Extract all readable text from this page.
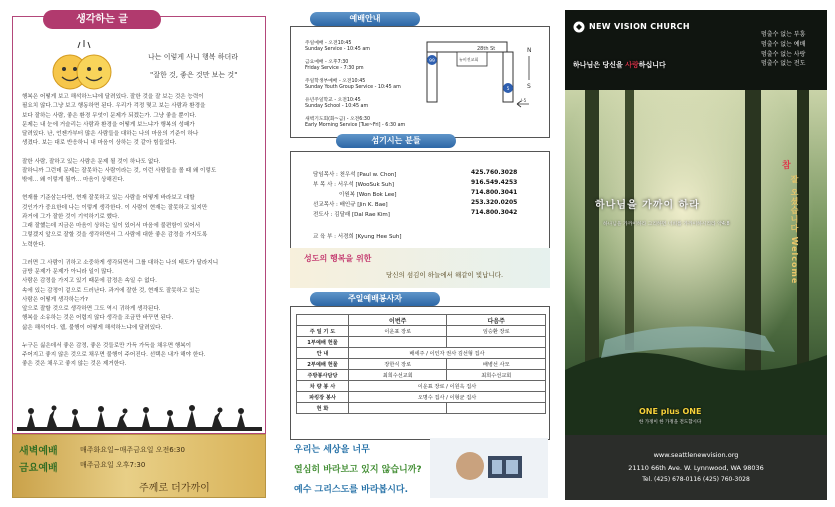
생각하는 글
나는 이렇게 사니 행복 하더라
"잘한 것, 좋은 것만 보는 것"

행복은 어떻게 보고 해석하느냐에 달려있다. 잘한 것을 잘 보는 것은 능력이
필요치 않다.그냥 보고 행동하면 된다. 우리가 걱정 몇고 보는 사람과 환경을
보다 잘하는 사람, 좋은 환경 무엇이 문제가 되겠는가. 그냥 좋을 뿐이다.
문제는 내 눈에 거슬리는 사람과 환경을 어떻게 보느냐가 행복의 성패가
달려있다. 난, 언젠가부터 많은 사람들을 대하는 나의 마음의 기준이 하나
생겼다. 보는 대로 반응하니 내 마음이 상하는 것 같아 힘들었다.

잘한 사람, 잘하고 있는 사람은 문제 될 것이 하나도 없다.
잘하니까 그런데 문제는 잘못하는 사람이라는 것, 이런 사람들을 볼 때 왜 이렇도
밖에... 왜 이렇게 될까... 마음이 상해진다.

현재를 기준삼는다면, 현재 잘못하고 있는 사람을 어떻게 바라보고 대할
것인가가 중요한데 나는 이렇게 생각한다. 이 사람이 현재는 잘못하고 있지만
과거에 그가 잘한 것이 기억하기로 했다.
그래 잘했는데 지금은 마음이 상하는 일이 있어서 마음에 불편함이 있어서
그렇겠지 앞으로 잘할 것을 생각하면서 그 사람에 대한 좋은 감정을 가지도록
노력한다.

그러면 그 사람이 귀하고 소중하게 생각되면서 그를 대하는 나의 태도가 달라지니
금방 문제가 문제가 아니라 일이 많다.
사람은 감정을 가지고 있기 때문에 감정은 속일 수 없다.
속에 있는 감정이 겉으로 드러난다. 과거에 잘한 것, 현재도 잘못하고 있는
사람은 어떻게 생각하는가?
앞으로 잘할 것으로 생각하면 그도 역시 귀하게 생각된다.
행복을 소유하는 것은 어렵지 않다 생각을 조금만 바꾸면 된다.
삶은 해석이다. 웹, 불행이 어떻게 해석하느냐에 달려있다.

누구든 싫은데서 좋은 감정, 좋은 것들로만 가득 가득을 채우면 행복이
주어지고 좋지 않은 것으로 채우면 불행이 주어진다. 선택은 내가 해야 한다.
좋은 것은 채우고 좋지 않는 것은 제거한다.

새벽예배
금요예배
매주화요일~매주금요일 오전6:30
매주금요일 오후7:30
주께로 더가까이
예배안내
주일예배 - 오전10:45
Sunday Service - 10:45 am
금요예배 - 오후7:30
Friday Service - 7:30 pm
주일학생부예배 - 오전10:45
Sunday Youth Group Service - 10:45 am
유년주일학교 - 오전10:45
Sunday School - 10:45 am
새벽기도회(화~금) - 오전6:30
Early Morning Service [Tue~Fri] - 6:30 am
28th St
99
5
뉴비전교회
I-5
N
S
섬기시는 분들
담임목사 : 천우석 [Paul w. Chon]	425.760.3028
부 목 사 : 서우석 [WooSuk Suh]	916.549.4253
이원복 [Won Bok Lee]	714.800.3041
선교목사 : 배인규 [Jin K. Bae]	253.320.0205
전도사 : 김달래 [Dal Rae Kim]	714.800.3042
교 육 부 : 서경희 [Kyung Hee Suh]
성도의 행복을 위한
당신의 섬김이 하늘에서 해같이 빛납니다.
주일예배봉사자
	이번주	다음주
주 일 기 도	이운표 장로	임승환 장로
1부예배 헌물		
안 내	배세주 / 이인자 권사 김선형 집사	
2부예배 헌물	장한식 장로	배병선 사모
주방봉사담당	최희수선교회	최희수선교회
차 량 봉 사	이운표 장로 / 이원옥 집사	
파킹장 봉사	오명수 집사 / 이형균 집사	
헌 화		
우리는 세상을 너무
열심히 바라보고 있지 않습니까?
예수 그리스도를 바라봅시다.
NEW VISION CHURCH
하나님은 당신을 사랑하십니다
멈출수 없는 부흥
멈출수 없는 예배
멈출수 없는 사랑
멈출수 없는 전도
하나님을 가까이 하라
하나님을 가까이하라 그리하면 너희를 가까이하시리라 약4:8
참
잘 오셨습니다 Welcome
ONE plus ONE
한 가정이 한 가정을 전도합시다
www.seattlenewvision.org
21110 66th Ave. W. Lynnwood, WA 98036
Tel. (425) 678-0116 (425) 760-3028
